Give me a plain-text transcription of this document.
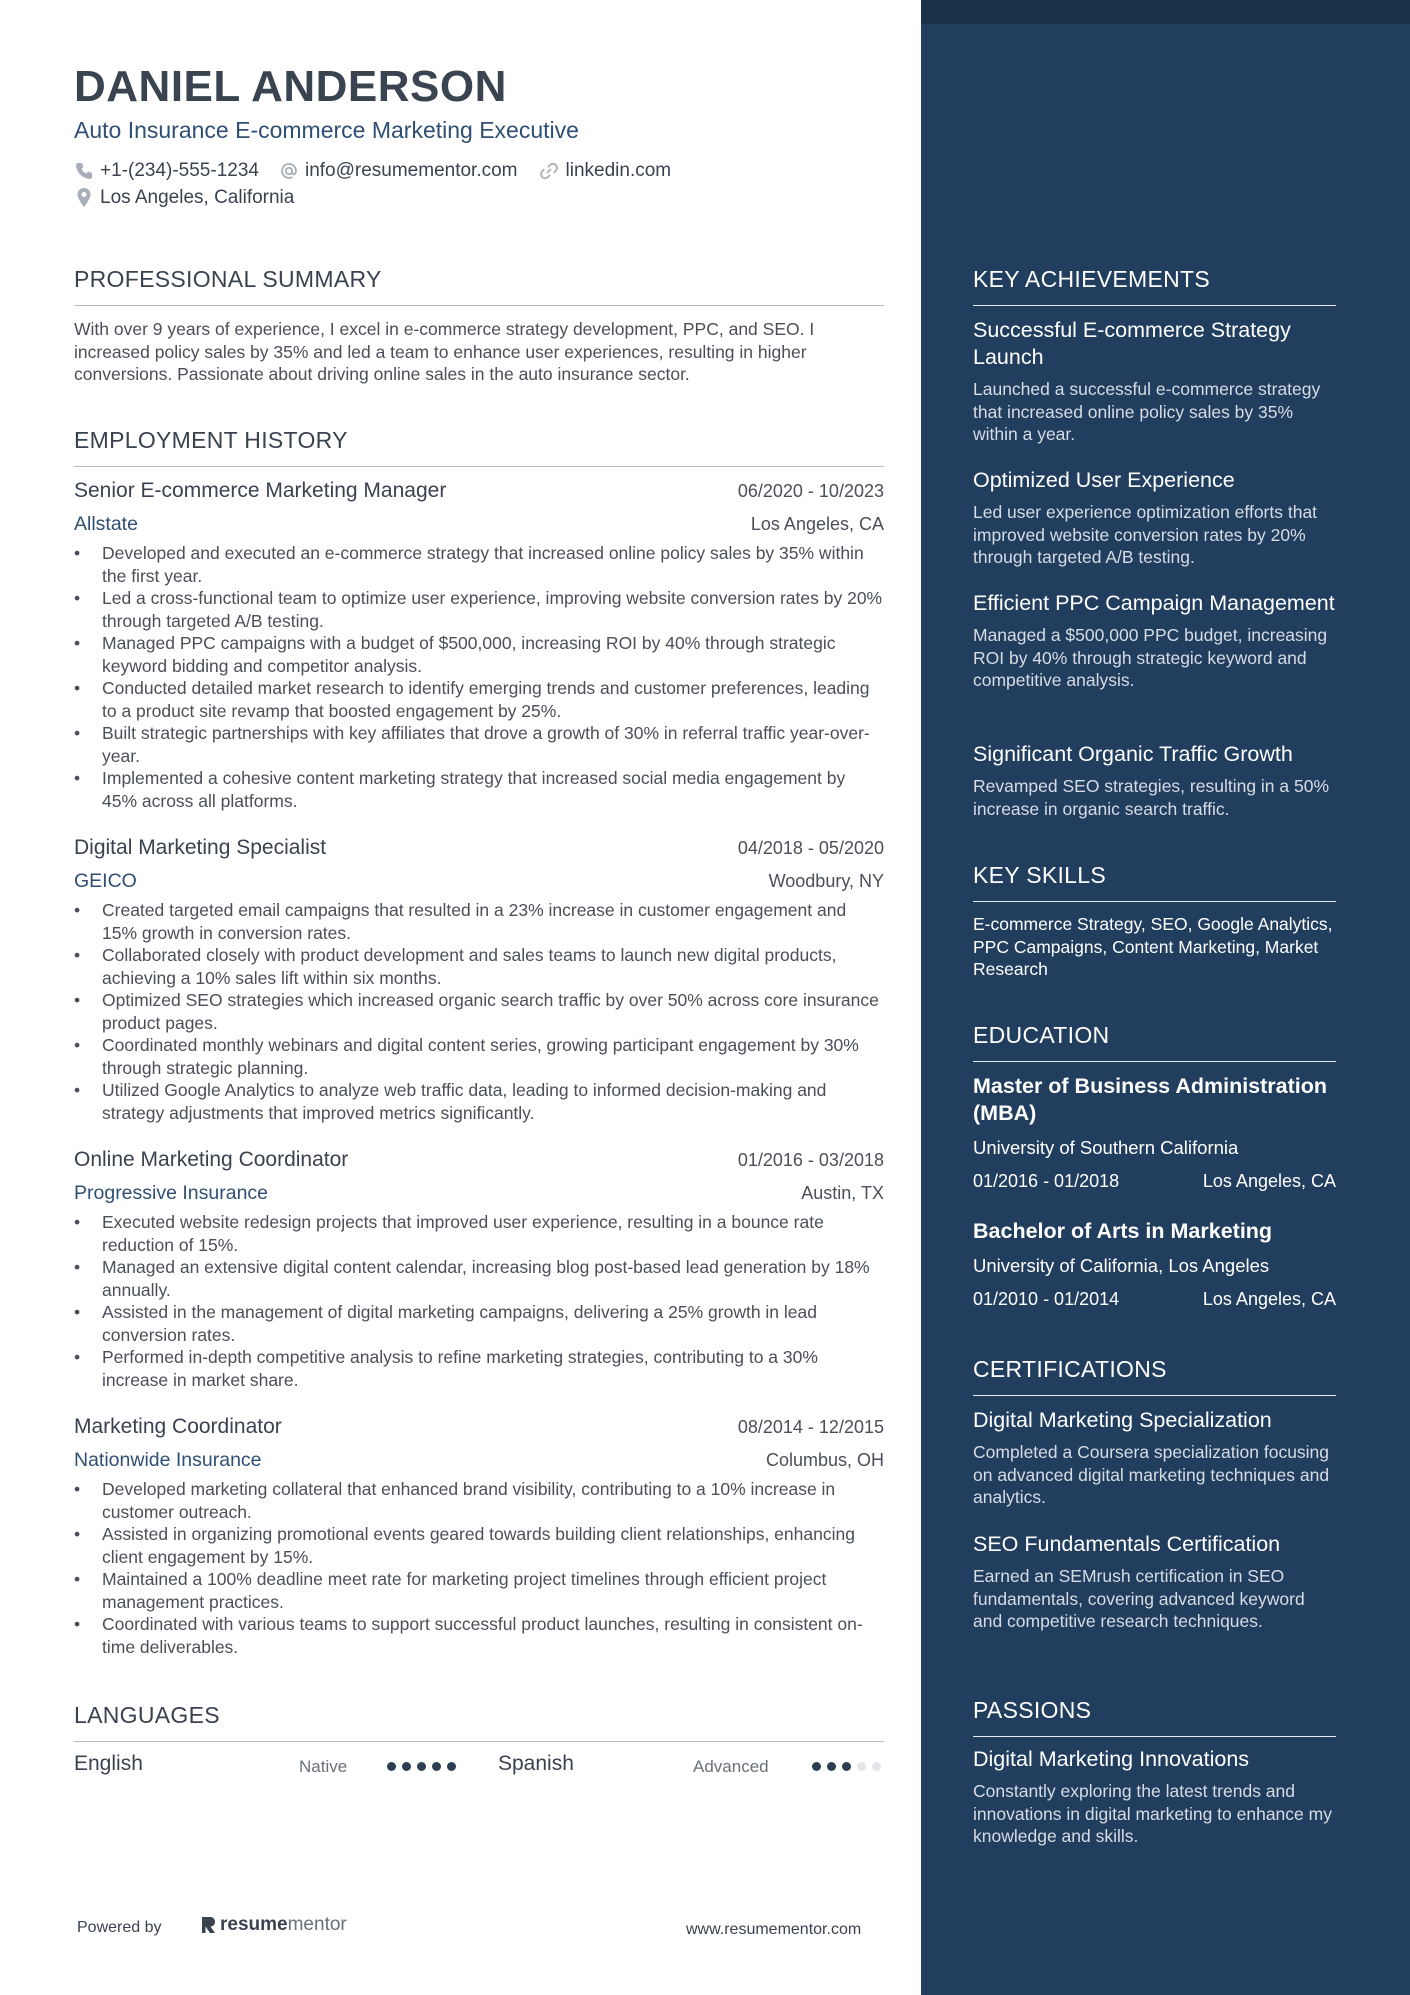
DANIEL ANDERSON
Auto Insurance E-commerce Marketing Executive
+1-(234)-555-1234 info@resumementor.com	linkedin.com
Los Angeles, California
PROFESSIONAL SUMMARY
With over 9 years of experience, I excel in e-commerce strategy development, PPC, and SEO. I increased policy sales by 35% and led a team to enhance user experiences, resulting in higher conversions. Passionate about driving online sales in the auto insurance sector.
EMPLOYMENT HISTORY
Senior E-commerce Marketing Manager	06/2020 - 10/2023
Allstate	Los Angeles, CA
• Developed and executed an e-commerce strategy that increased online policy sales by 35% within the first year.
• Led a cross-functional team to optimize user experience, improving website conversion rates by 20% through targeted A/B testing.
• Managed PPC campaigns with a budget of $500,000, increasing ROI by 40% through strategic keyword bidding and competitor analysis.
• Conducted detailed market research to identify emerging trends and customer preferences, leading to a product site revamp that boosted engagement by 25%.
• Built strategic partnerships with key affiliates that drove a growth of 30% in referral traffic year-over-year.
• Implemented a cohesive content marketing strategy that increased social media engagement by 45% across all platforms.
Digital Marketing Specialist	04/2018 - 05/2020
GEICO	Woodbury, NY
• Created targeted email campaigns that resulted in a 23% increase in customer engagement and 15% growth in conversion rates.
• Collaborated closely with product development and sales teams to launch new digital products, achieving a 10% sales lift within six months.
• Optimized SEO strategies which increased organic search traffic by over 50% across core insurance product pages.
• Coordinated monthly webinars and digital content series, growing participant engagement by 30% through strategic planning.
• Utilized Google Analytics to analyze web traffic data, leading to informed decision-making and strategy adjustments that improved metrics significantly.
Online Marketing Coordinator	01/2016 - 03/2018
Progressive Insurance	Austin, TX
• Executed website redesign projects that improved user experience, resulting in a bounce rate reduction of 15%.
• Managed an extensive digital content calendar, increasing blog post-based lead generation by 18% annually.
• Assisted in the management of digital marketing campaigns, delivering a 25% growth in lead conversion rates.
• Performed in-depth competitive analysis to refine marketing strategies, contributing to a 30% increase in market share.
Marketing Coordinator	08/2014 - 12/2015
Nationwide Insurance	Columbus, OH
• Developed marketing collateral that enhanced brand visibility, contributing to a 10% increase in customer outreach.
• Assisted in organizing promotional events geared towards building client relationships, enhancing client engagement by 15%.
• Maintained a 100% deadline meet rate for marketing project timelines through efficient project management practices.
• Coordinated with various teams to support successful product launches, resulting in consistent on-time deliverables.
LANGUAGES
English	Native	Spanish	Advanced
Powered by	resume mentor	www.resumementor.com
KEY ACHIEVEMENTS
Successful E-commerce Strategy Launch
Launched a successful e-commerce strategy that increased online policy sales by 35% within a year.
Optimized User Experience
Led user experience optimization efforts that improved website conversion rates by 20% through targeted A/B testing.
Efficient PPC Campaign Management
Managed a $500,000 PPC budget, increasing ROI by 40% through strategic keyword and competitive analysis.
Significant Organic Traffic Growth
Revamped SEO strategies, resulting in a 50% increase in organic search traffic.
KEY SKILLS
E-commerce Strategy, SEO, Google Analytics, PPC Campaigns, Content Marketing, Market Research
EDUCATION
Master of Business Administration (MBA)
University of Southern California
01/2016 - 01/2018	Los Angeles, CA
Bachelor of Arts in Marketing
University of California, Los Angeles
01/2010 - 01/2014	Los Angeles, CA
CERTIFICATIONS
Digital Marketing Specialization
Completed a Coursera specialization focusing on advanced digital marketing techniques and analytics.
SEO Fundamentals Certification
Earned an SEMrush certification in SEO fundamentals, covering advanced keyword and competitive research techniques.
PASSIONS
Digital Marketing Innovations
Constantly exploring the latest trends and innovations in digital marketing to enhance my knowledge and skills.
